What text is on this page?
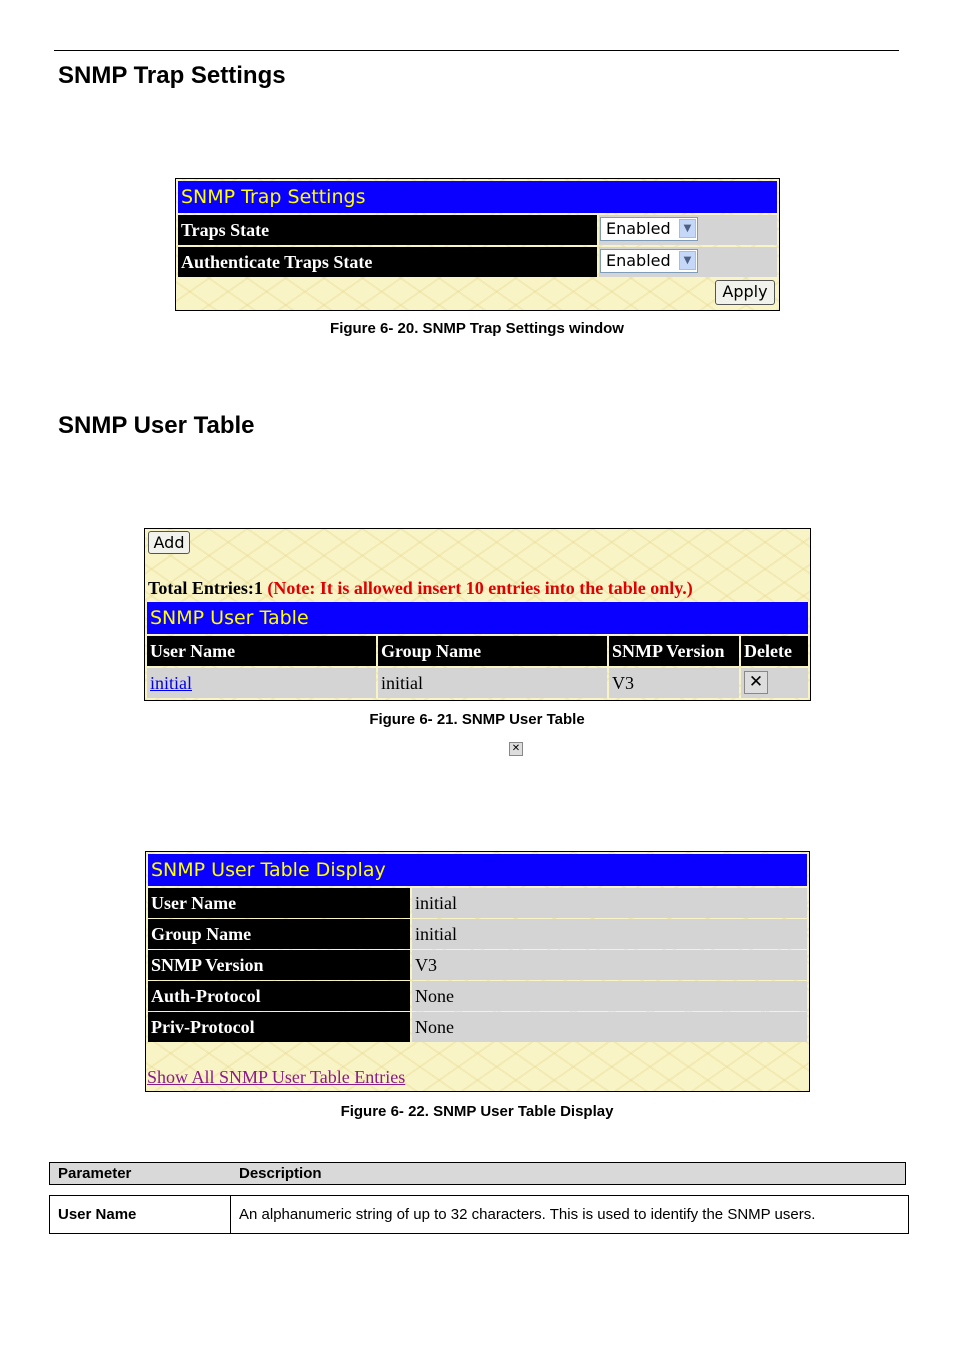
SNMP Trap Settings
SNMP Trap Settings
Traps State	Enabled	▼
Authenticate Traps State	Enabled	▼
Apply
Figure 6- 20. SNMP Trap Settings window
SNMP User Table
Add
Total Entries:1 (Note: It is allowed insert 10 entries into the table only.)
SNMP User Table
User Name	Group Name	SNMP Version	Delete
initial	initial	V3	✕
Figure 6- 21. SNMP User Table
✕
SNMP User Table Display
User Name	initial
Group Name	initial
SNMP Version	V3
Auth-Protocol	None
Priv-Protocol	None
Show All SNMP User Table Entries
Figure 6- 22. SNMP User Table Display
Parameter	Description
User Name	An alphanumeric string of up to 32 characters. This is used to identify the SNMP users.
